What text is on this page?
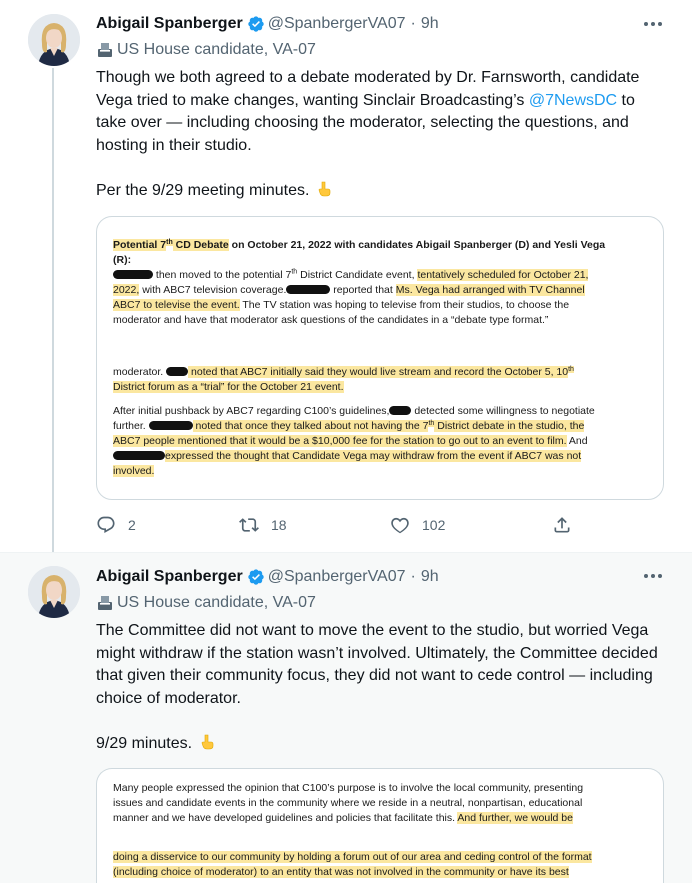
Abigail Spanberger @SpanbergerVA07 · 9h
US House candidate, VA-07
Though we both agreed to a debate moderated by Dr. Farnsworth, candidate Vega tried to make changes, wanting Sinclair Broadcasting’s @7NewsDC to take over — including choosing the moderator, selecting the questions, and hosting in their studio.
Per the 9/29 meeting minutes.
Potential 7th CD Debate on October 21, 2022 with candidates Abigail Spanberger (D) and Yesli Vega
(R):
then moved to the potential 7th District Candidate event, tentatively scheduled for October 21,
2022, with ABC7 television coverage.	reported that Ms. Vega had arranged with TV Channel
ABC7 to televise the event. The TV station was hoping to televise from their studios, to choose the
moderator and have that moderator ask questions of the candidates in a “debate type format.”
moderator.  noted that ABC7 initially said they would live stream and record the October 5, 10th
District forum as a “trial” for the October 21 event.
After initial pushback by ABC7 regarding C100’s guidelines, detected some willingness to negotiate
further.	noted that once they talked about not having the 7th District debate in the studio, the
ABC7 people mentioned that it would be a $10,000 fee for the station to go out to an event to film. And
expressed the thought that Candidate Vega may withdraw from the event if ABC7 was not
involved.
2	18	102
Abigail Spanberger @SpanbergerVA07 · 9h
US House candidate, VA-07
The Committee did not want to move the event to the studio, but worried Vega might withdraw if the station wasn’t involved. Ultimately, the Committee decided that given their community focus, they did not want to cede control — including choice of moderator.
9/29 minutes.
Many people expressed the opinion that C100’s purpose is to involve the local community, presenting
issues and candidate events in the community where we reside in a neutral, nonpartisan, educational
manner and we have developed guidelines and policies that facilitate this. And further, we would be
doing a disservice to our community by holding a forum out of our area and ceding control of the format
(including choice of moderator) to an entity that was not involved in the community or have its best
